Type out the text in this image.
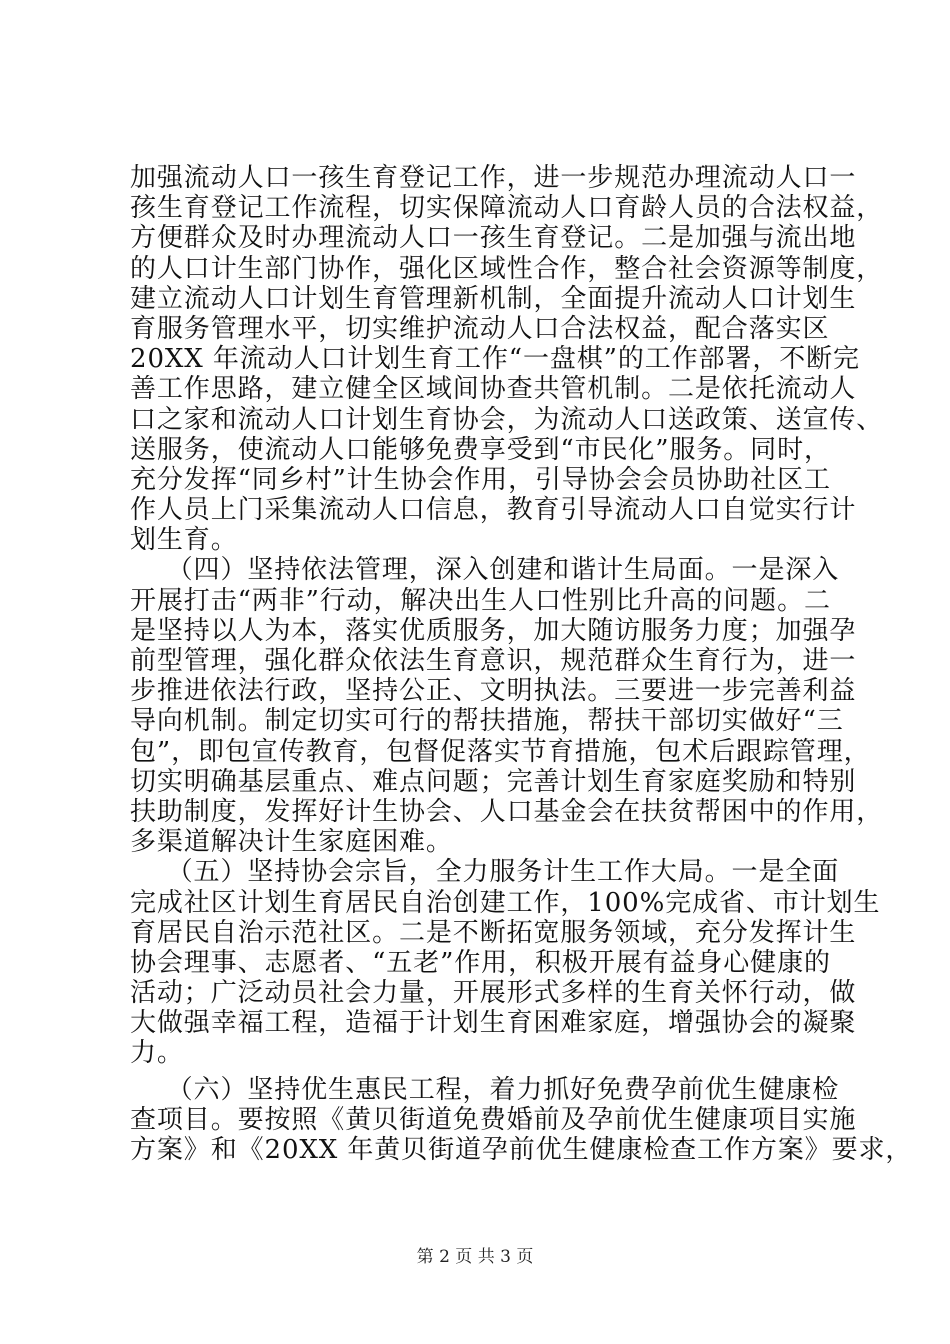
加强流动人口一孩生育登记工作，进一步规范办理流动人口一
孩生育登记工作流程，切实保障流动人口育龄人员的合法权益，
方便群众及时办理流动人口一孩生育登记。二是加强与流出地
的人口计生部门协作，强化区域性合作，整合社会资源等制度，
建立流动人口计划生育管理新机制，全面提升流动人口计划生
育服务管理水平，切实维护流动人口合法权益，配合落实区
20XX 年流动人口计划生育工作“一盘棋”的工作部署，不断完
善工作思路，建立健全区域间协查共管机制。二是依托流动人
口之家和流动人口计划生育协会，为流动人口送政策、送宣传、
送服务，使流动人口能够免费享受到“市民化”服务。同时，
充分发挥“同乡村”计生协会作用，引导协会会员协助社区工
作人员上门采集流动人口信息，教育引导流动人口自觉实行计
划生育。
（四）坚持依法管理，深入创建和谐计生局面。一是深入
开展打击“两非”行动，解决出生人口性别比升高的问题。二
是坚持以人为本，落实优质服务，加大随访服务力度；加强孕
前型管理，强化群众依法生育意识，规范群众生育行为，进一
步推进依法行政，坚持公正、文明执法。三要进一步完善利益
导向机制。制定切实可行的帮扶措施，帮扶干部切实做好“三
包”，即包宣传教育，包督促落实节育措施，包术后跟踪管理，
切实明确基层重点、难点问题；完善计划生育家庭奖励和特别
扶助制度，发挥好计生协会、人口基金会在扶贫帮困中的作用，
多渠道解决计生家庭困难。
（五）坚持协会宗旨，全力服务计生工作大局。一是全面
完成社区计划生育居民自治创建工作，100%完成省、市计划生
育居民自治示范社区。二是不断拓宽服务领域，充分发挥计生
协会理事、志愿者、“五老”作用，积极开展有益身心健康的
活动；广泛动员社会力量，开展形式多样的生育关怀行动，做
大做强幸福工程，造福于计划生育困难家庭，增强协会的凝聚
力。
（六）坚持优生惠民工程，着力抓好免费孕前优生健康检
查项目。要按照《黄贝街道免费婚前及孕前优生健康项目实施
方案》和《20XX 年黄贝街道孕前优生健康检查工作方案》要求，
第 2 页 共 3 页
